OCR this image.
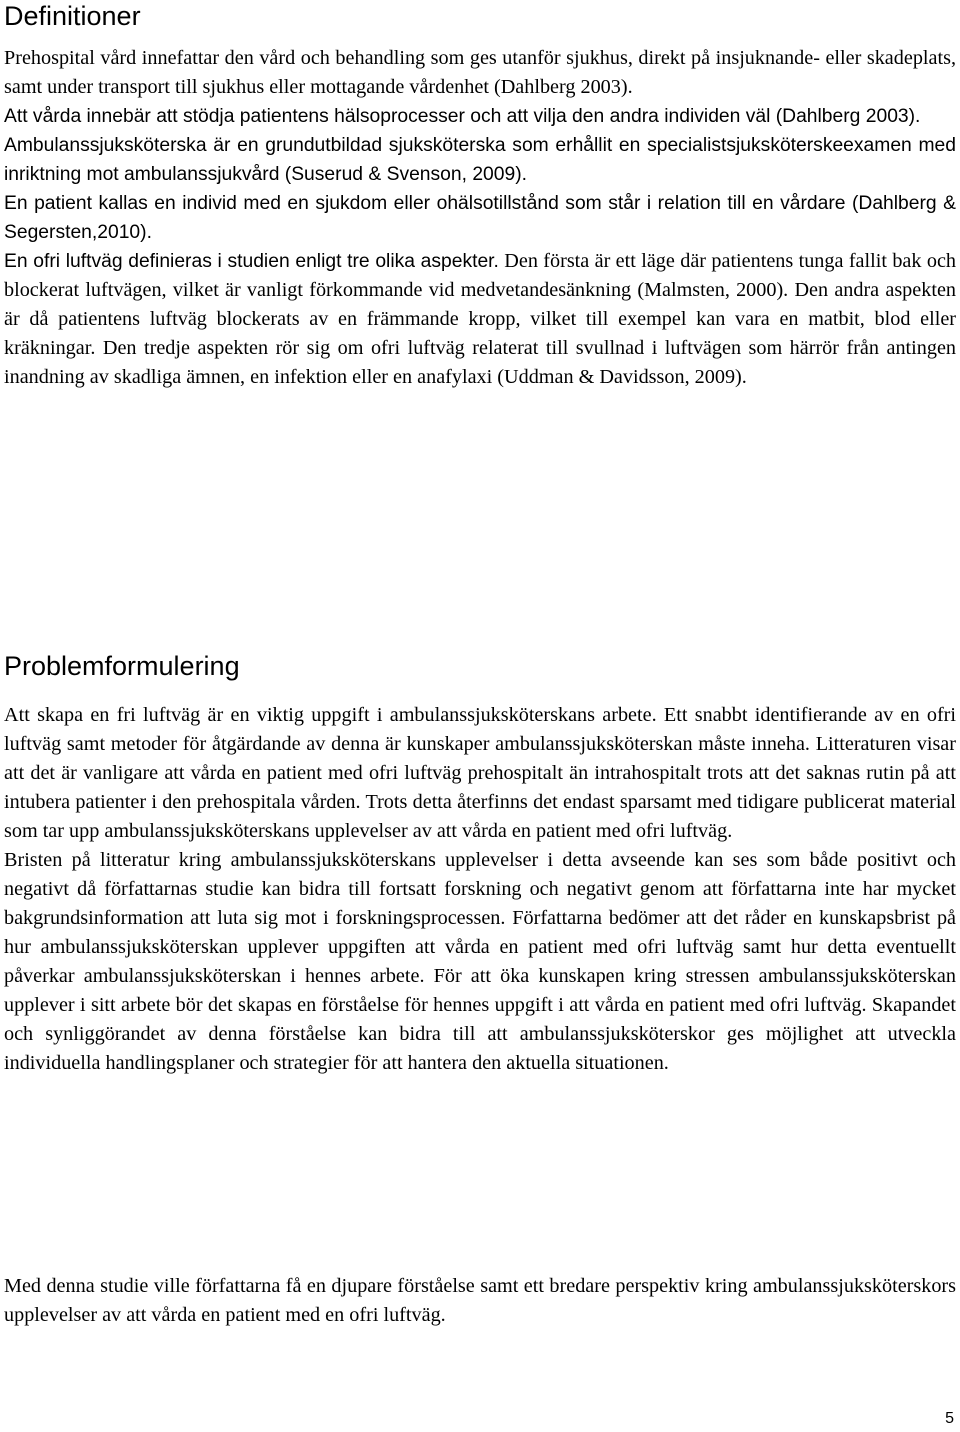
Definitioner

Prehospital vård innefattar den vård och behandling som ges utanför sjukhus, direkt på insjuknande- eller skadeplats, samt under transport till sjukhus eller mottagande vårdenhet (Dahlberg 2003).

Att vårda innebär att stödja patientens hälsoprocesser och att vilja den andra individen väl (Dahlberg 2003).

Ambulanssjuksköterska är en grundutbildad sjuksköterska som erhållit en specialistsjuksköterskeexamen med inriktning mot ambulanssjukvård (Suserud & Svenson, 2009).

En patient kallas en individ med en sjukdom eller ohälsotillstånd som står i relation till en vårdare (Dahlberg & Segersten,2010).

En ofri luftväg definieras i studien enligt tre olika aspekter. Den första är ett läge där patientens tunga fallit bak och blockerat luftvägen, vilket är vanligt förkommande vid medvetandesänkning (Malmsten, 2000). Den andra aspekten är då patientens luftväg blockerats av en främmande kropp, vilket till exempel kan vara en matbit, blod eller kräkningar. Den tredje aspekten rör sig om ofri luftväg relaterat till svullnad i luftvägen som härrör från antingen inandning av skadliga ämnen, en infektion eller en anafylaxi (Uddman & Davidsson, 2009).

Problemformulering

Att skapa en fri luftväg är en viktig uppgift i ambulanssjuksköterskans arbete. Ett snabbt identifierande av en ofri luftväg samt metoder för åtgärdande av denna är kunskaper ambulanssjuksköterskan måste inneha. Litteraturen visar att det är vanligare att vårda en patient med ofri luftväg prehospitalt än intrahospitalt trots att det saknas rutin på att intubera patienter i den prehospitala vården. Trots detta återfinns det endast sparsamt med tidigare publicerat material som tar upp ambulanssjuksköterskans upplevelser av att vårda en patient med ofri luftväg.

Bristen på litteratur kring ambulanssjuksköterskans upplevelser i detta avseende kan ses som både positivt och negativt då författarnas studie kan bidra till fortsatt forskning och negativt genom att författarna inte har mycket bakgrundsinformation att luta sig mot i forskningsprocessen. Författarna bedömer att det råder en kunskapsbrist på hur ambulanssjuksköterskan upplever uppgiften att vårda en patient med ofri luftväg samt hur detta eventuellt påverkar ambulanssjuksköterskan i hennes arbete. För att öka kunskapen kring stressen ambulanssjuksköterskan upplever i sitt arbete bör det skapas en förståelse för hennes uppgift i att vårda en patient med ofri luftväg. Skapandet och synliggörandet av denna förståelse kan bidra till att ambulanssjuksköterskor ges möjlighet att utveckla individuella handlingsplaner och strategier för att hantera den aktuella situationen.

Med denna studie ville författarna få en djupare förståelse samt ett bredare perspektiv kring ambulanssjuksköterskors upplevelser av att vårda en patient med en ofri luftväg.

5
